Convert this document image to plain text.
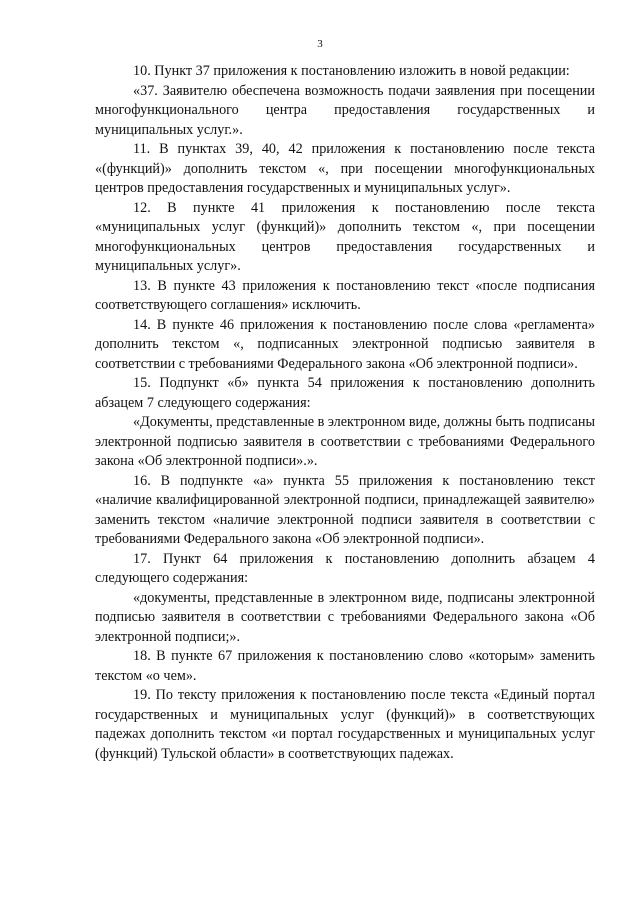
3

10. Пункт 37 приложения к постановлению изложить в новой редакции:

«37. Заявителю обеспечена возможность подачи заявления при посещении многофункционального центра предоставления государственных и муниципальных услуг.».

11. В пунктах 39, 40, 42 приложения к постановлению после текста «(функций)» дополнить текстом «, при посещении многофункциональных центров предоставления государственных и муниципальных услуг».

12. В пункте 41 приложения к постановлению после текста «муниципальных услуг (функций)» дополнить текстом «, при посещении многофункциональных центров предоставления государственных и муниципальных услуг».

13. В пункте 43 приложения к постановлению текст «после подписания соответствующего соглашения» исключить.

14. В пункте 46 приложения к постановлению после слова «регламента» дополнить текстом «, подписанных электронной подписью заявителя в соответствии с требованиями Федерального закона «Об электронной подписи».

15. Подпункт «б» пункта 54 приложения к постановлению дополнить абзацем 7 следующего содержания:

«Документы, представленные в электронном виде, должны быть подписаны электронной подписью заявителя в соответствии с требованиями Федерального закона «Об электронной подписи».».

16. В подпункте «а» пункта 55 приложения к постановлению текст «наличие квалифицированной электронной подписи, принадлежащей заявителю» заменить текстом «наличие электронной подписи заявителя в соответствии с требованиями Федерального закона «Об электронной подписи».

17. Пункт 64 приложения к постановлению дополнить абзацем 4 следующего содержания:

«документы, представленные в электронном виде, подписаны электронной подписью заявителя в соответствии с требованиями Федерального закона «Об электронной подписи;».

18. В пункте 67 приложения к постановлению слово «которым» заменить текстом «о чем».

19. По тексту приложения к постановлению после текста «Единый портал государственных и муниципальных услуг (функций)» в соответствующих падежах дополнить текстом «и портал государственных и муниципальных услуг (функций) Тульской области» в соответствующих падежах.
